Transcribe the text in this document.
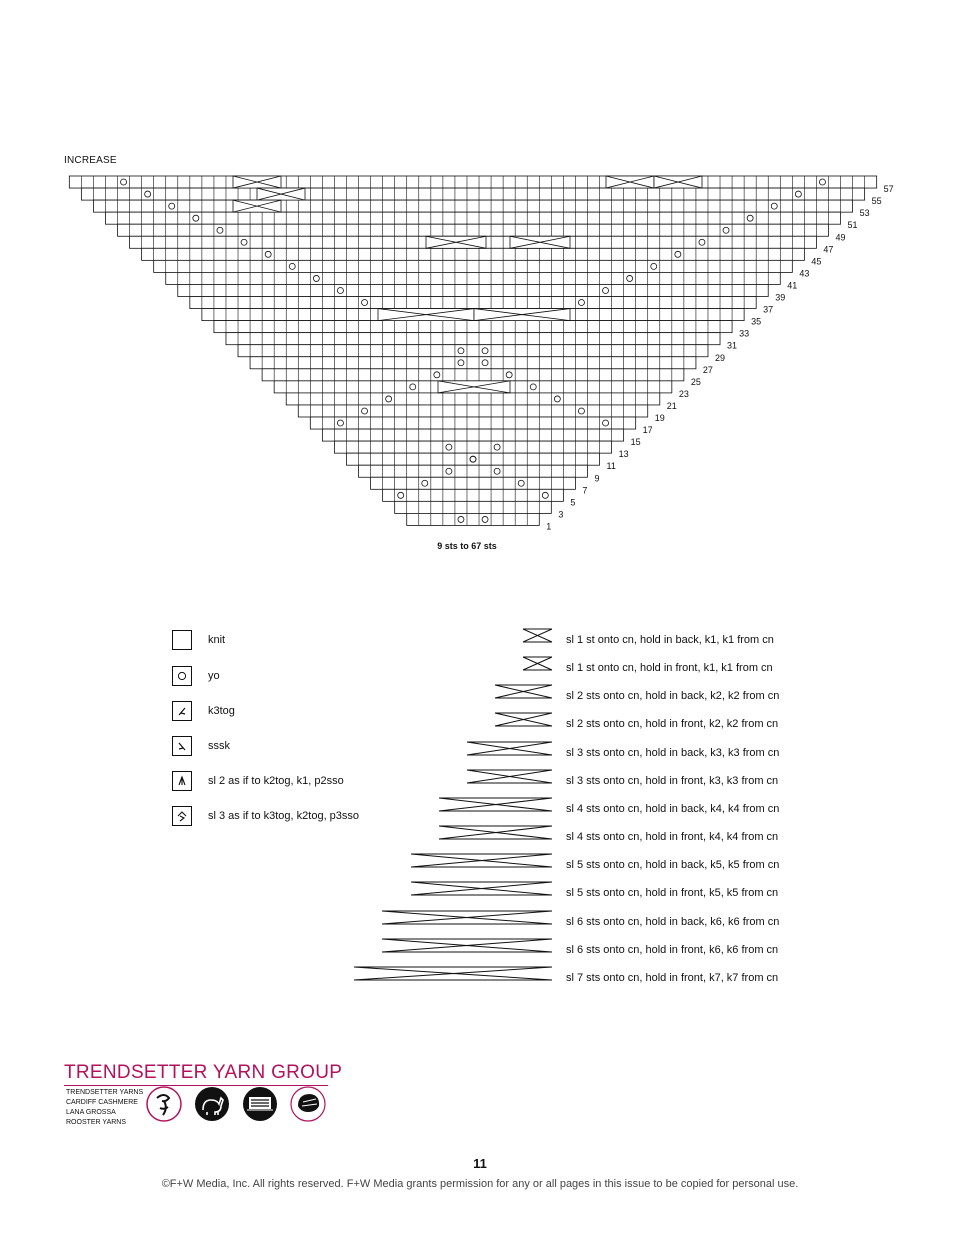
INCREASE
1
3
5
7
9
11
13
15
17
19
21
23
25
27
29
31
33
35
37
39
41
43
45
47
49
51
53
55
57
9 sts to 67 sts
knit
yo
k3tog
sssk
sl 2 as if to k2tog, k1, p2sso
sl 3 as if to k3tog, k2tog, p3sso
sl 1 st onto cn, hold in back, k1, k1 from cn
sl 1 st onto cn, hold in front, k1, k1 from cn
sl 2 sts onto cn, hold in back, k2, k2 from cn
sl 2 sts onto cn, hold in front, k2, k2 from cn
sl 3 sts onto cn, hold in back, k3, k3 from cn
sl 3 sts onto cn, hold in front, k3, k3 from cn
sl 4 sts onto cn, hold in back, k4, k4 from cn
sl 4 sts onto cn, hold in front, k4, k4 from cn
sl 5 sts onto cn, hold in back, k5, k5 from cn
sl 5 sts onto cn, hold in front, k5, k5 from cn
sl 6 sts onto cn, hold in back, k6, k6 from cn
sl 6 sts onto cn, hold in front, k6, k6 from cn
sl 7 sts onto cn, hold in front, k7, k7 from cn
TRENDSETTER YARN GROUP
TRENDSETTER YARNS
CARDIFF CASHMERE
LANA GROSSA
ROOSTER YARNS
11
©F+W Media, Inc. All rights reserved. F+W Media grants permission for any or all pages in this issue to be copied for personal use.
